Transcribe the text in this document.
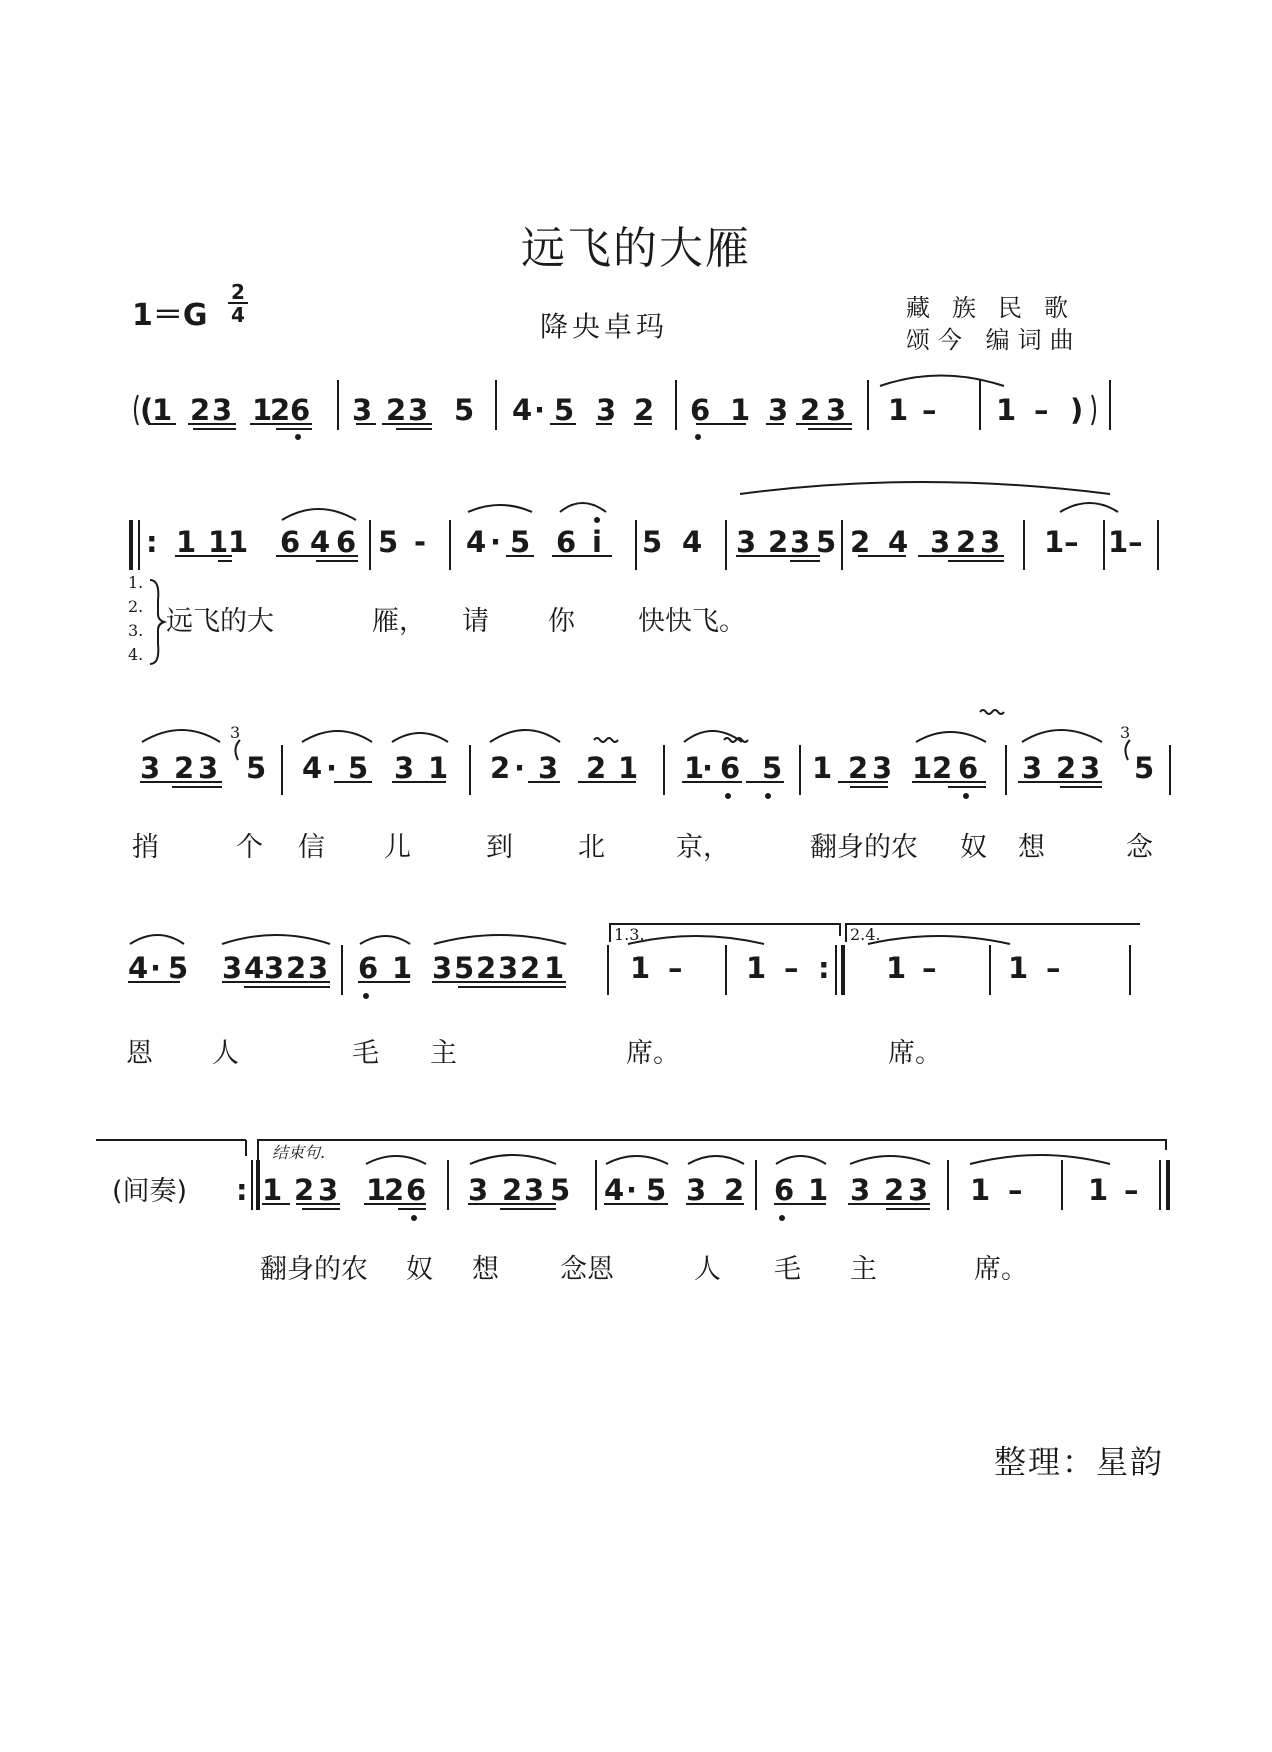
远飞的大雁
1＝G
2
4	降央卓玛
藏族民歌
颂今 编词曲
(
1 2 3 1
2 6 3 2 3 5 4 · 5 3 2 6 1 3 2 3 1 – 1 – )
: 1 1 1 6 4 6 5 - 4 · 5 6 i 5 4 3 2 3 5 2 4 3 2 3 1– 1–
3 2 3 5 4 · 5 3 1 2 · 3 2 1 1
· 6 5 1 2 3 1 2 6 3 2 3 5
4 · 5 3 4 3 2 3 6 1 3 5 2 3 2 1 1 – 1 – : 1 – 1 –
: 1 2 3 1
2 6 3 2 3 5 4 · 5 3 2 6 1 3 2 3 1 – 1 –
3	3
1.3.	2.4.
1.
2.
3.
4.
(间奏)
结束句.
远飞的大	雁， 请 你 快快飞。
捎	个 信 儿	到 北	京，	翻身的农 奴 想	念
恩 人	毛 主	席。	席。
翻身的农 奴 想 念恩	人 毛 主	席。
整理：星韵
